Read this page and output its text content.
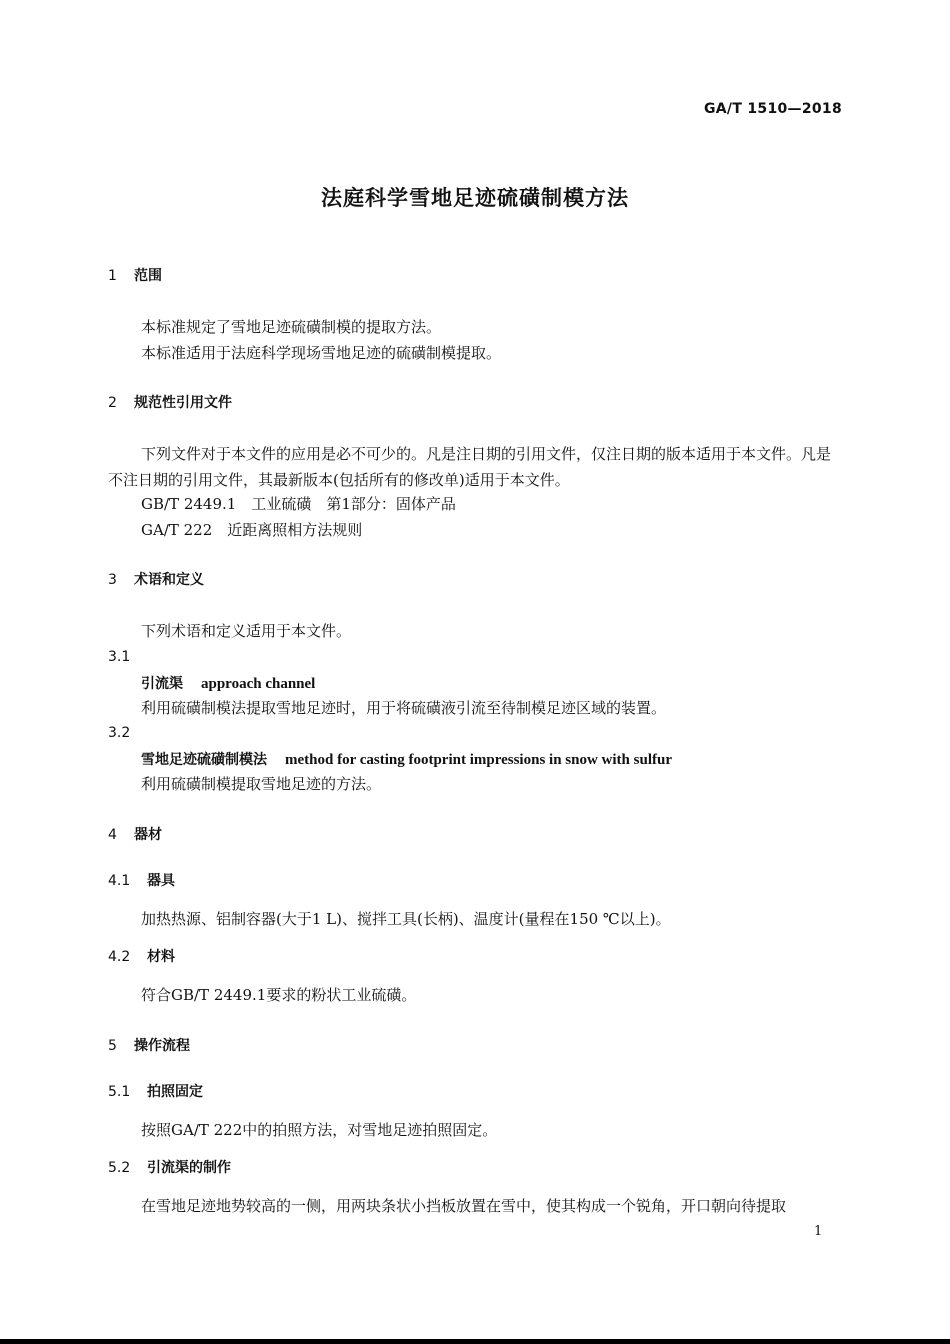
GA/T 1510—2018
法庭科学雪地足迹硫磺制模方法
1 范围
本标准规定了雪地足迹硫磺制模的提取方法。
本标准适用于法庭科学现场雪地足迹的硫磺制模提取。
2 规范性引用文件
下列文件对于本文件的应用是必不可少的。凡是注日期的引用文件，仅注日期的版本适用于本文件。凡是不注日期的引用文件，其最新版本(包括所有的修改单)适用于本文件。
GB/T 2449.1　工业硫磺　第1部分：固体产品
GA/T 222　近距离照相方法规则
3 术语和定义
下列术语和定义适用于本文件。
3.1
引流渠 approach channel
利用硫磺制模法提取雪地足迹时，用于将硫磺液引流至待制模足迹区域的装置。
3.2
雪地足迹硫磺制模法 method for casting footprint impressions in snow with sulfur
利用硫磺制模提取雪地足迹的方法。
4 器材
4.1 器具
加热热源、铝制容器(大于1 L)、搅拌工具(长柄)、温度计(量程在150 ℃以上)。
4.2 材料
符合GB/T 2449.1要求的粉状工业硫磺。
5 操作流程
5.1 拍照固定
按照GA/T 222中的拍照方法，对雪地足迹拍照固定。
5.2 引流渠的制作
在雪地足迹地势较高的一侧，用两块条状小挡板放置在雪中，使其构成一个锐角，开口朝向待提取
1
